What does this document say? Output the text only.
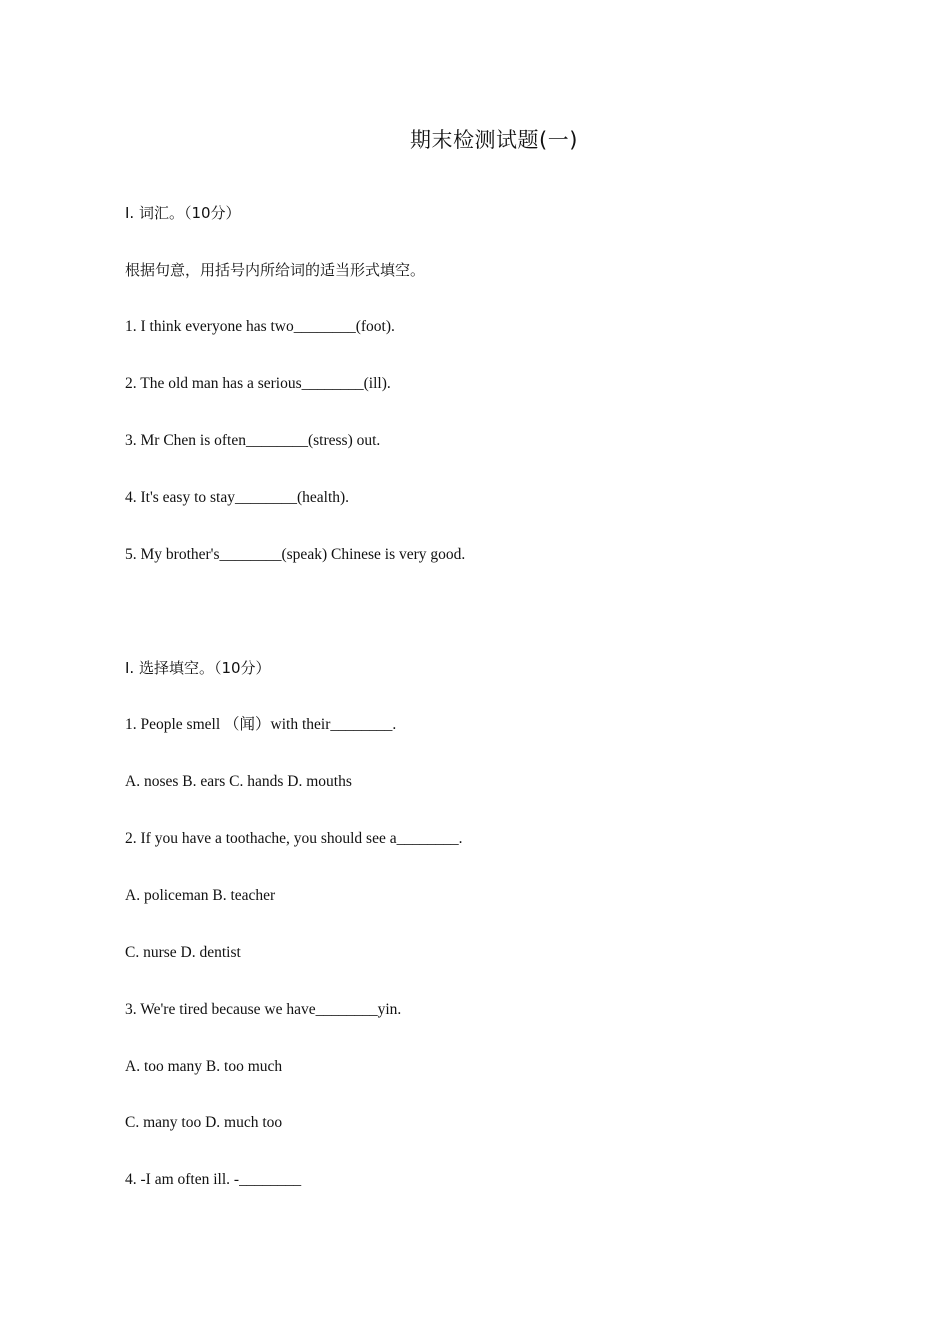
期末检测试题(一)
I. 词汇。（10分）
根据句意，用括号内所给词的适当形式填空。
1. I think everyone has two________(foot).
2. The old man has a serious________(ill).
3. Mr Chen is often________(stress) out.
4. It's easy to stay________(health).
5. My brother's________(speak) Chinese is very good.
I. 选择填空。（10分）
1. People smell （闻）with their________.
A. noses B. ears C. hands D. mouths
2. If you have a toothache, you should see a________.
A. policeman B. teacher
C. nurse D. dentist
3. We're tired because we have________yin.
A. too many B. too much
C. many too D. much too
4. -I am often ill. -________
